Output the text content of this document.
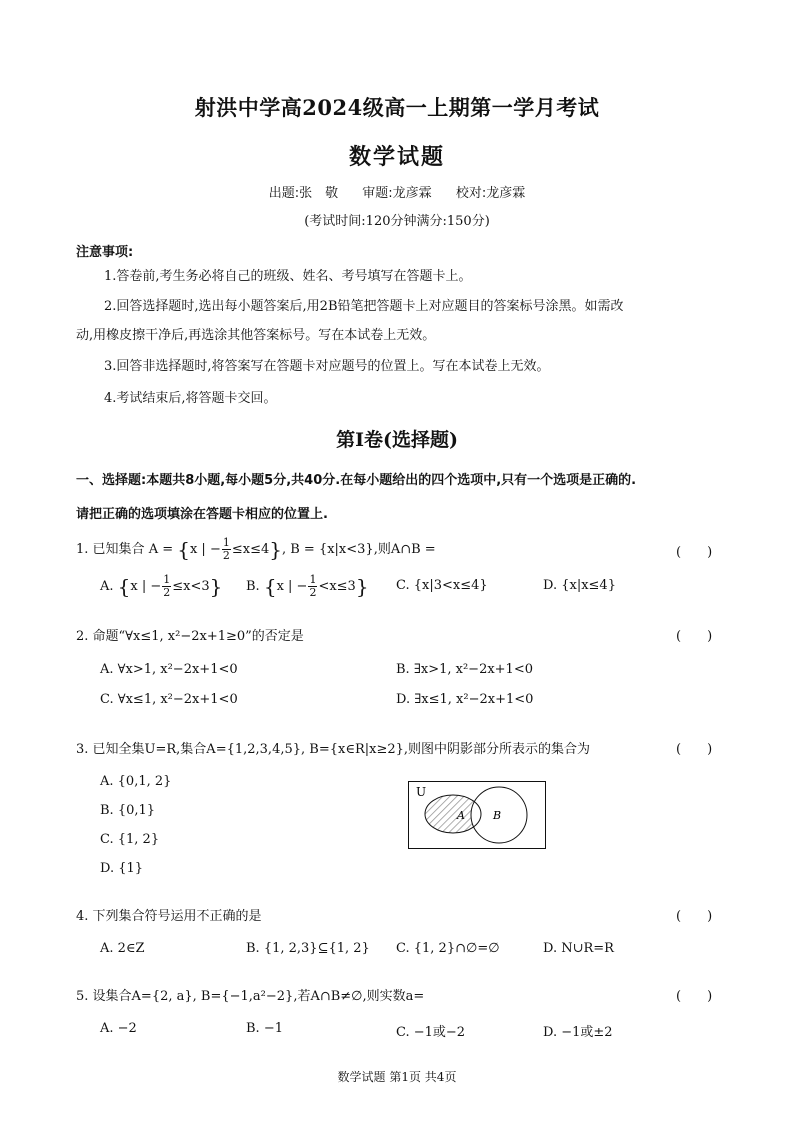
射洪中学高2024级高一上期第一学月考试
数学试题
出题:张　敬 审题:龙彦霖 校对:龙彦霖
(考试时间:120分钟满分:150分)
注意事项:
1.答卷前,考生务必将自己的班级、姓名、考号填写在答题卡上。
2.回答选择题时,选出每小题答案后,用2B铅笔把答题卡上对应题目的答案标号涂黑。如需改
动,用橡皮擦干净后,再选涂其他答案标号。写在本试卷上无效。
3.回答非选择题时,将答案写在答题卡对应题号的位置上。写在本试卷上无效。
4.考试结束后,将答题卡交回。
第Ⅰ卷(选择题)
一、选择题:本题共8小题,每小题5分,共40分.在每小题给出的四个选项中,只有一个选项是正确的.
请把正确的选项填涂在答题卡相应的位置上.
1. 已知集合 A = {x | − $\frac{1}{2} \le x\le 4$}, B = {x|x<3},则A∩B =	(　　)
A. {x | − $\frac{1}{2} \le x<3$} B. {x | − $\frac{1}{2} <x\le 3$} C. {x|3<x≤4}	D. {x|x≤4}
2. 命题“∀x≤1, x²−2x+1≥0”的否定是	(　　)
A. ∀x>1, x²−2x+1<0	B. ∃x>1, x²−2x+1<0
C. ∀x≤1, x²−2x+1<0	D. ∃x≤1, x²−2x+1<0
3. 已知全集U=R,集合A={1,2,3,4,5}, B={x∈R|x≥2},则图中阴影部分所表示的集合为	(　　)
A. {0,1, 2}
B. {0,1}
C. {1, 2}
D. {1}
U
A	B
4. 下列集合符号运用不正确的是	(　　)
A. 2∈Z	B. {1, 2,3}⊆{1, 2} C. {1, 2}∩∅=∅	D. N∪R=R
5. 设集合A={2, a}, B={−1,a²−2},若A∩B≠∅,则实数a=	(　　)
A. −2	B. −1	C. −1或−2	D. −1或±2
数学试题 第1页 共4页
